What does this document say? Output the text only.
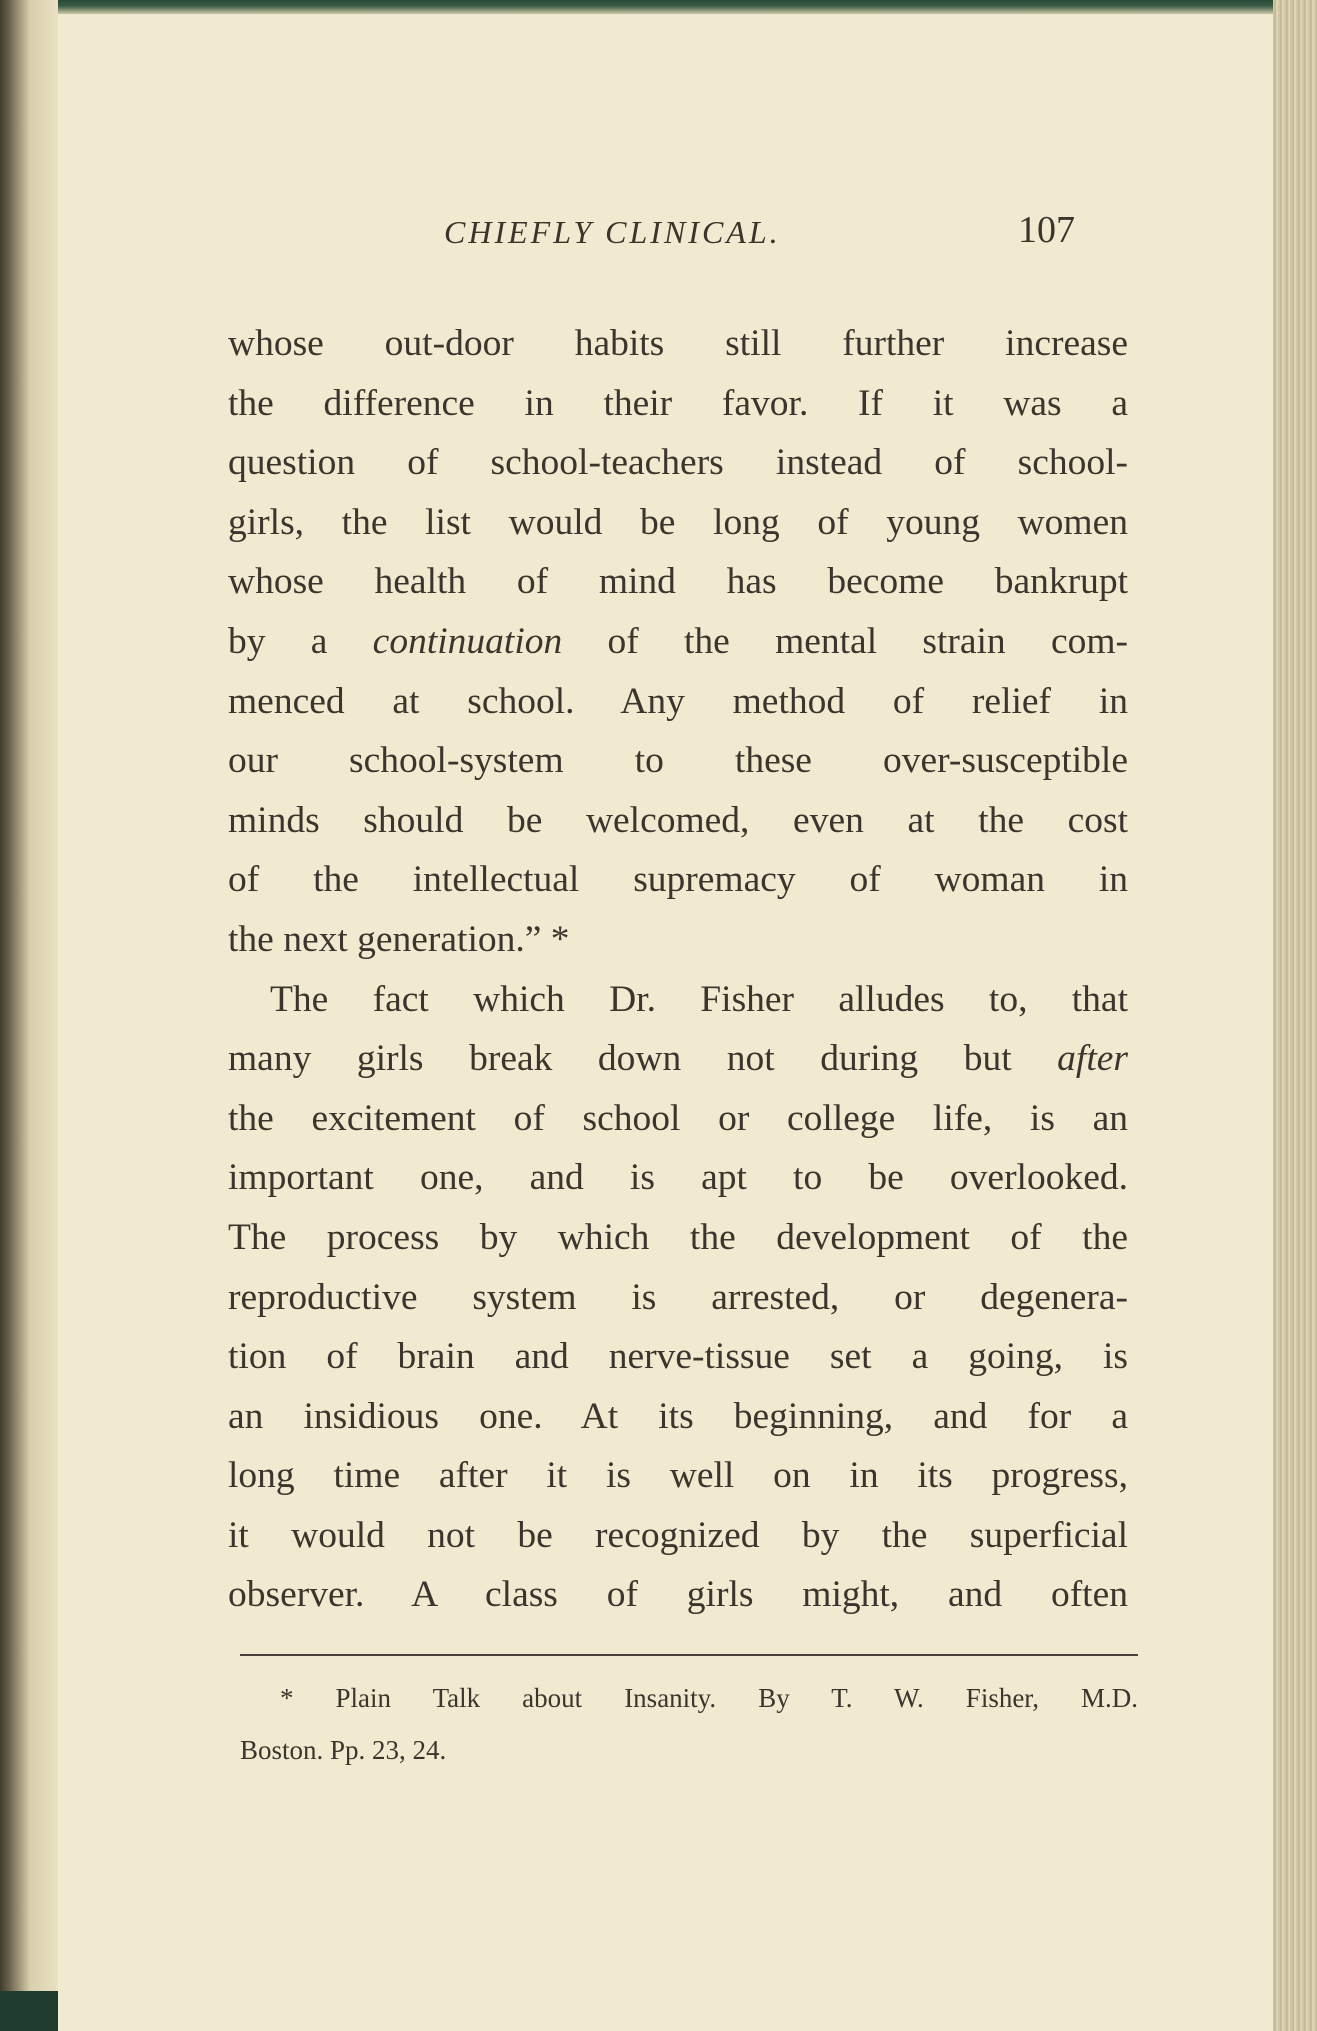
CHIEFLY CLINICAL.	107
whose out-door habits still further increase
the difference in their favor. If it was a
question of school-teachers instead of school-
girls, the list would be long of young women
whose health of mind has become bankrupt
by a continuation of the mental strain com-
menced at school. Any method of relief in
our school-system to these over-susceptible
minds should be welcomed, even at the cost
of the intellectual supremacy of woman in
the next generation.” *
The fact which Dr. Fisher alludes to, that
many girls break down not during but after
the excitement of school or college life, is an
important one, and is apt to be overlooked.
The process by which the development of the
reproductive system is arrested, or degenera-
tion of brain and nerve-tissue set a going, is
an insidious one. At its beginning, and for a
long time after it is well on in its progress,
it would not be recognized by the superficial
observer. A class of girls might, and often
* Plain Talk about Insanity. By T. W. Fisher, M.D.
Boston. Pp. 23, 24.
